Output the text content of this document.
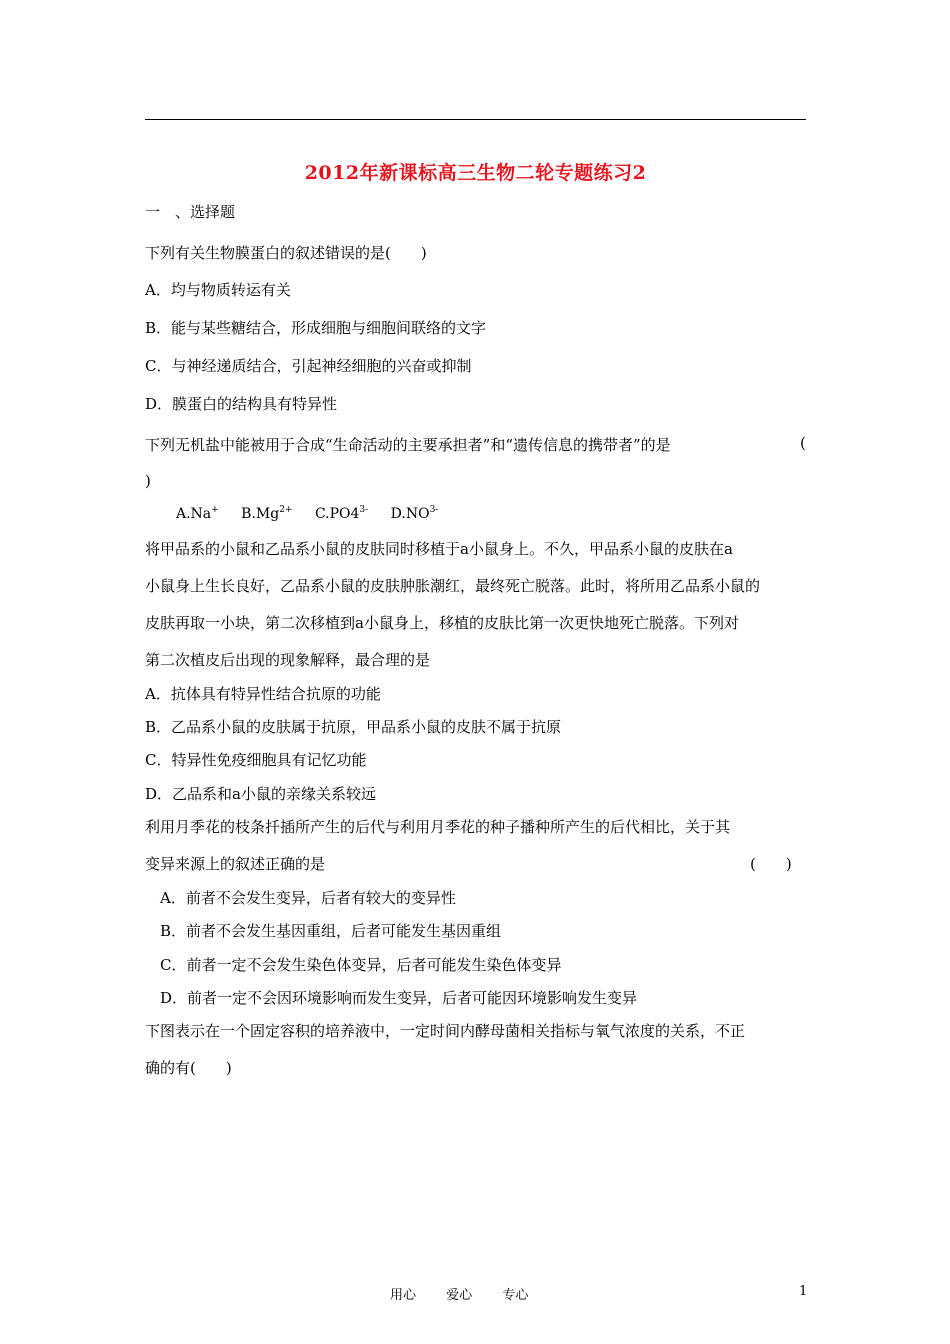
2012年新课标高三生物二轮专题练习2
一　、选择题
下列有关生物膜蛋白的叙述错误的是(　　)
A．均与物质转运有关
B．能与某些糖结合，形成细胞与细胞间联络的文字
C．与神经递质结合，引起神经细胞的兴奋或抑制
D．膜蛋白的结构具有特异性
下列无机盐中能被用于合成“生命活动的主要承担者”和“遗传信息的携带者”的是	(
)
A.Na+ $B.Mg^{2+}$ $C.PO4^{3-}$ $D.NO^{3-}$
将甲品系的小鼠和乙品系小鼠的皮肤同时移植于a小鼠身上。不久，甲品系小鼠的皮肤在a
小鼠身上生长良好，乙品系小鼠的皮肤肿胀潮红，最终死亡脱落。此时，将所用乙品系小鼠的
皮肤再取一小块，第二次移植到a小鼠身上，移植的皮肤比第一次更快地死亡脱落。下列对
第二次植皮后出现的现象解释，最合理的是
A．抗体具有特异性结合抗原的功能
B．乙品系小鼠的皮肤属于抗原，甲品系小鼠的皮肤不属于抗原
C．特异性免疫细胞具有记忆功能
D．乙品系和a小鼠的亲缘关系较远
利用月季花的枝条扦插所产生的后代与利用月季花的种子播种所产生的后代相比，关于其
变异来源上的叙述正确的是	(　　)
A．前者不会发生变异，后者有较大的变异性
B．前者不会发生基因重组，后者可能发生基因重组
C．前者一定不会发生染色体变异，后者可能发生染色体变异
D．前者一定不会因环境影响而发生变异，后者可能因环境影响发生变异
下图表示在一个固定容积的培养液中，一定时间内酵母菌相关指标与氧气浓度的关系，不正
确的有(　　)
用心 爱心 专心	1
